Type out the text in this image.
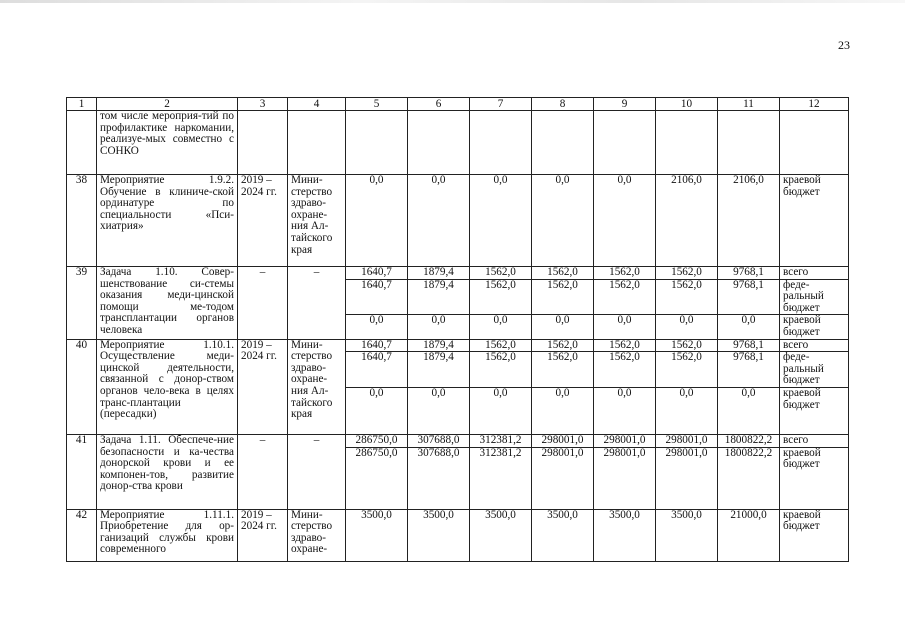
23
1	2	3	4	5	6	7	8	9	10	11	12
	том числе мероприя-тий по профилактике наркомании, реализуе-мых совместно с СОНКО										
38	Мероприятие 1.9.2. Обучение в клиниче-ской ординатуре по специальности «Пси-хиатрия»	2019 – 2024 гг.	Мини-стерство здраво-охране-ния Ал-тайского края	0,0	0,0	0,0	0,0	0,0	2106,0	2106,0	краевой бюджет
39	Задача 1.10. Совер-шенствование си-стемы оказания меди-цинской помощи ме-тодом трансплантации органов человека	–	–	1640,7	1879,4	1562,0	1562,0	1562,0	1562,0	9768,1	всего
				1640,7	1879,4	1562,0	1562,0	1562,0	1562,0	9768,1	феде-ральный бюджет
				0,0	0,0	0,0	0,0	0,0	0,0	0,0	краевой бюджет
40	Мероприятие 1.10.1. Осуществление меди-цинской деятельности, связанной с донор-ством органов чело-века в целях транс-плантации (пересадки)	2019 – 2024 гг.	Мини-стерство здраво-охране-ния Ал-тайского края	1640,7	1879,4	1562,0	1562,0	1562,0	1562,0	9768,1	всего
				1640,7	1879,4	1562,0	1562,0	1562,0	1562,0	9768,1	феде-ральный бюджет
				0,0	0,0	0,0	0,0	0,0	0,0	0,0	краевой бюджет
41	Задача 1.11. Обеспече-ние безопасности и ка-чества донорской крови и ее компонен-тов, развитие донор-ства крови	–	–	286750,0	307688,0	312381,2	298001,0	298001,0	298001,0	1800822,2	всего
				286750,0	307688,0	312381,2	298001,0	298001,0	298001,0	1800822,2	краевой бюджет
42	Мероприятие 1.11.1. Приобретение для ор-ганизаций службы крови современного	2019 – 2024 гг.	Мини-стерство здраво-охране-	3500,0	3500,0	3500,0	3500,0	3500,0	3500,0	21000,0	краевой бюджет
